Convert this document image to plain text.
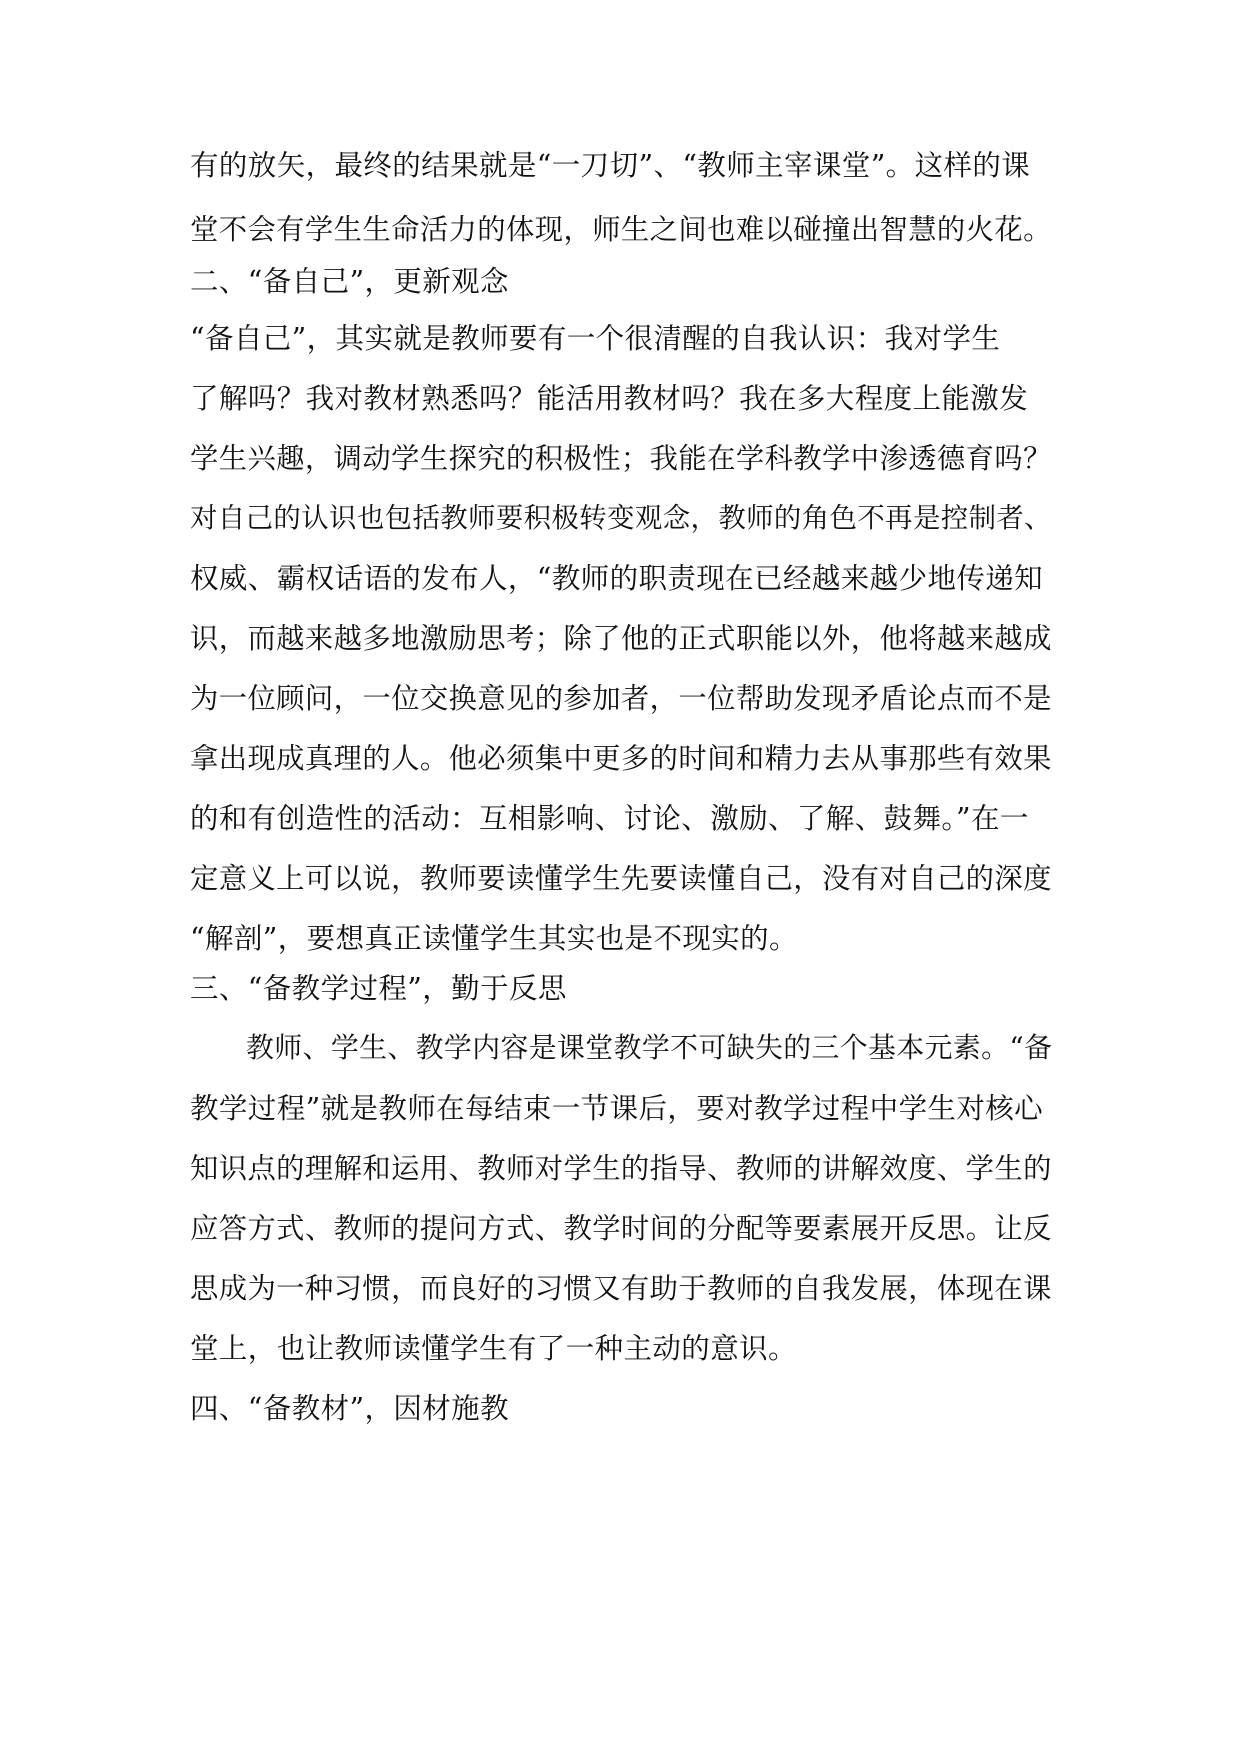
有的放矢，最终的结果就是“一刀切”、“教师主宰课堂”。这样的课
堂不会有学生生命活力的体现，师生之间也难以碰撞出智慧的火花。
二、“备自己”，更新观念
“备自己”，其实就是教师要有一个很清醒的自我认识：我对学生
了解吗？我对教材熟悉吗？能活用教材吗？我在多大程度上能激发
学生兴趣，调动学生探究的积极性；我能在学科教学中渗透德育吗？
对自己的认识也包括教师要积极转变观念，教师的角色不再是控制者、
权威、霸权话语的发布人，“教师的职责现在已经越来越少地传递知
识，而越来越多地激励思考；除了他的正式职能以外，他将越来越成
为一位顾问，一位交换意见的参加者，一位帮助发现矛盾论点而不是
拿出现成真理的人。他必须集中更多的时间和精力去从事那些有效果
的和有创造性的活动：互相影响、讨论、激励、了解、鼓舞。”在一
定意义上可以说，教师要读懂学生先要读懂自己，没有对自己的深度
“解剖”，要想真正读懂学生其实也是不现实的。
三、“备教学过程”，勤于反思
教师、学生、教学内容是课堂教学不可缺失的三个基本元素。“备
教学过程”就是教师在每结束一节课后，要对教学过程中学生对核心
知识点的理解和运用、教师对学生的指导、教师的讲解效度、学生的
应答方式、教师的提问方式、教学时间的分配等要素展开反思。让反
思成为一种习惯，而良好的习惯又有助于教师的自我发展，体现在课
堂上，也让教师读懂学生有了一种主动的意识。
四、“备教材”，因材施教
